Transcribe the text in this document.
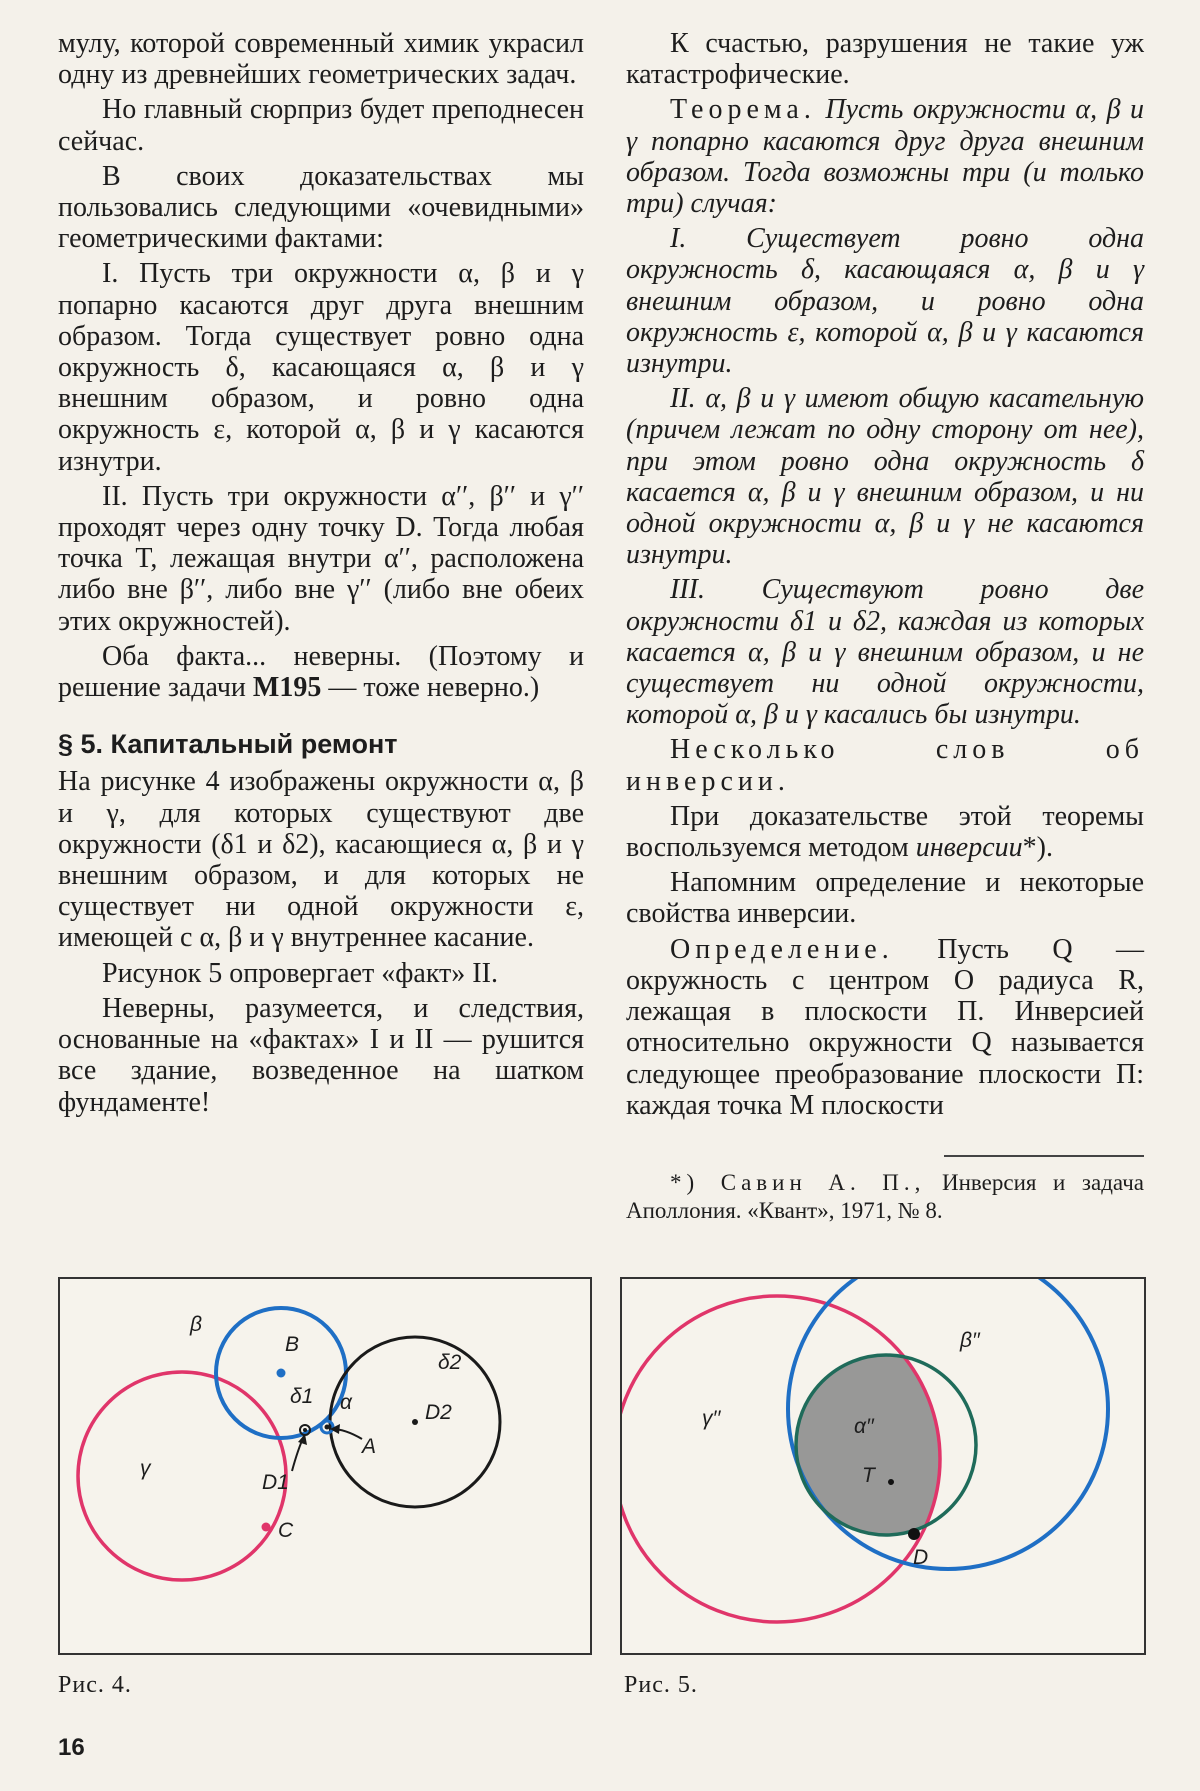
мулу, которой современный химик украсил одну из древнейших геометрических задач.

Но главный сюрприз будет преподнесен сейчас.

В своих доказательствах мы пользовались следующими «очевидными» геометрическими фактами:

I. Пусть три окружности α, β и γ попарно касаются друг друга внешним образом. Тогда существует ровно одна окружность δ, касающаяся α, β и γ внешним образом, и ровно одна окружность ε, которой α, β и γ касаются изнутри.

II. Пусть три окружности α′′, β′′ и γ′′ проходят через одну точку D. Тогда любая точка T, лежащая внутри α′′, расположена либо вне β′′, либо вне γ′′ (либо вне обеих этих окружностей).

Оба факта... неверны. (Поэтому и решение задачи М195 — тоже неверно.)

§ 5. Капитальный ремонт

На рисунке 4 изображены окружности α, β и γ, для которых существуют две окружности (δ1 и δ2), касающиеся α, β и γ внешним образом, и для которых не существует ни одной окружности ε, имеющей с α, β и γ внутреннее касание.

Рисунок 5 опровергает «факт» II.

Неверны, разумеется, и следствия, основанные на «фактах» I и II — рушится все здание, возведенное на шатком фундаменте!

К счастью, разрушения не такие уж катастрофические.

Теорема. Пусть окружности α, β и γ попарно касаются друг друга внешним образом. Тогда возможны три (и только три) случая:

I. Существует ровно одна окружность δ, касающаяся α, β и γ внешним образом, и ровно одна окружность ε, которой α, β и γ касаются изнутри.

II. α, β и γ имеют общую касательную (причем лежат по одну сторону от нее), при этом ровно одна окружность δ касается α, β и γ внешним образом, и ни одной окружности α, β и γ не касаются изнутри.

III. Существуют ровно две окружности δ1 и δ2, каждая из которых касается α, β и γ внешним образом, и не существует ни одной окружности, которой α, β и γ касались бы изнутри.

Несколько слов об инверсии.

При доказательстве этой теоремы воспользуемся методом инверсии*).

Напомним определение и некоторые свойства инверсии.

Определение. Пусть Q — окружность с центром O радиуса R, лежащая в плоскости П. Инверсией относительно окружности Q называется следующее преобразование плоскости П: каждая точка M плоскости

*) Савин А. П., Инверсия и задача Аполлония. «Квант», 1971, № 8.

β
B
γ
C
α
A
δ1
D1
δ2
D2	γ′′
β′′
α′′
T
D
Рис. 4.	Рис. 5.
16
